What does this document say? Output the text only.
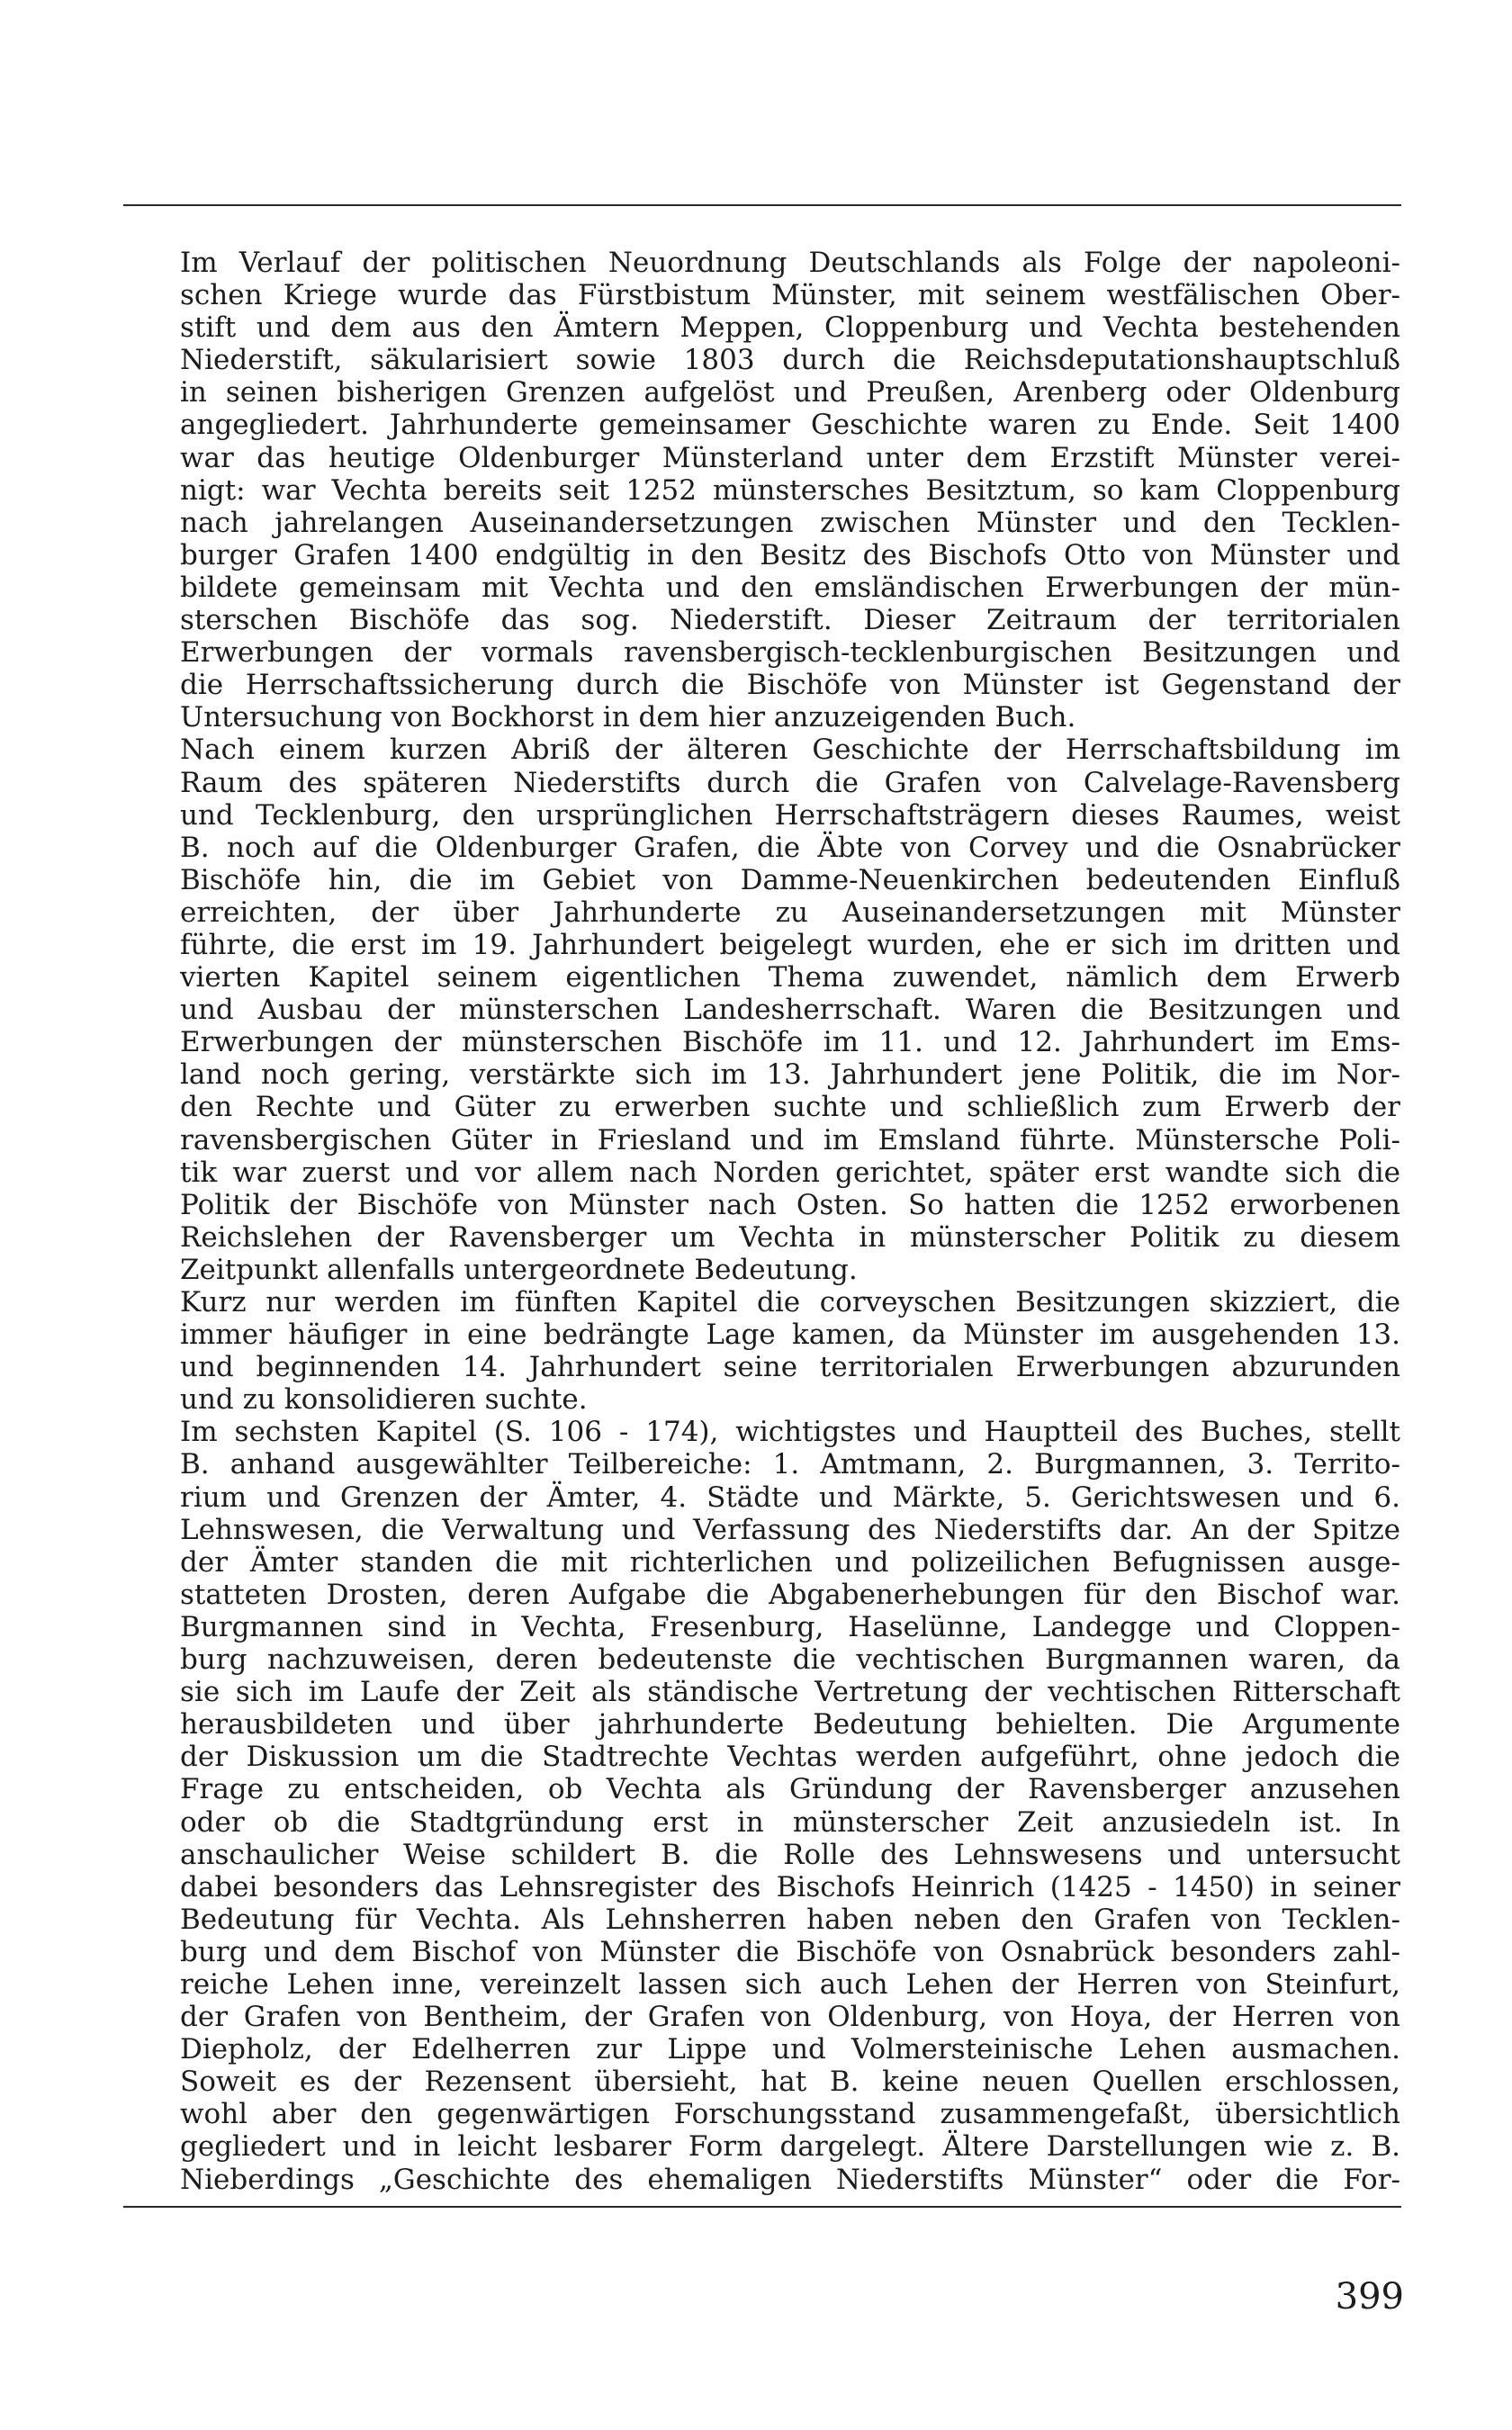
Im Verlauf der politischen Neuordnung Deutschlands als Folge der napoleoni-
schen Kriege wurde das Fürstbistum Münster, mit seinem westfälischen Ober-
stift und dem aus den Ämtern Meppen, Cloppenburg und Vechta bestehenden
Niederstift, säkularisiert sowie 1803 durch die Reichsdeputationshauptschluß
in seinen bisherigen Grenzen aufgelöst und Preußen, Arenberg oder Oldenburg
angegliedert. Jahrhunderte gemeinsamer Geschichte waren zu Ende. Seit 1400
war das heutige Oldenburger Münsterland unter dem Erzstift Münster verei-
nigt: war Vechta bereits seit 1252 münstersches Besitztum, so kam Cloppenburg
nach jahrelangen Auseinandersetzungen zwischen Münster und den Tecklen-
burger Grafen 1400 endgültig in den Besitz des Bischofs Otto von Münster und
bildete gemeinsam mit Vechta und den emsländischen Erwerbungen der mün-
sterschen Bischöfe das sog. Niederstift. Dieser Zeitraum der territorialen
Erwerbungen der vormals ravensbergisch-tecklenburgischen Besitzungen und
die Herrschaftssicherung durch die Bischöfe von Münster ist Gegenstand der
Untersuchung von Bockhorst in dem hier anzuzeigenden Buch.
Nach einem kurzen Abriß der älteren Geschichte der Herrschaftsbildung im
Raum des späteren Niederstifts durch die Grafen von Calvelage-Ravensberg
und Tecklenburg, den ursprünglichen Herrschaftsträgern dieses Raumes, weist
B. noch auf die Oldenburger Grafen, die Äbte von Corvey und die Osnabrücker
Bischöfe hin, die im Gebiet von Damme-Neuenkirchen bedeutenden Einfluß
erreichten, der über Jahrhunderte zu Auseinandersetzungen mit Münster
führte, die erst im 19. Jahrhundert beigelegt wurden, ehe er sich im dritten und
vierten Kapitel seinem eigentlichen Thema zuwendet, nämlich dem Erwerb
und Ausbau der münsterschen Landesherrschaft. Waren die Besitzungen und
Erwerbungen der münsterschen Bischöfe im 11. und 12. Jahrhundert im Ems-
land noch gering, verstärkte sich im 13. Jahrhundert jene Politik, die im Nor-
den Rechte und Güter zu erwerben suchte und schließlich zum Erwerb der
ravensbergischen Güter in Friesland und im Emsland führte. Münstersche Poli-
tik war zuerst und vor allem nach Norden gerichtet, später erst wandte sich die
Politik der Bischöfe von Münster nach Osten. So hatten die 1252 erworbenen
Reichslehen der Ravensberger um Vechta in münsterscher Politik zu diesem
Zeitpunkt allenfalls untergeordnete Bedeutung.
Kurz nur werden im fünften Kapitel die corveyschen Besitzungen skizziert, die
immer häufiger in eine bedrängte Lage kamen, da Münster im ausgehenden 13.
und beginnenden 14. Jahrhundert seine territorialen Erwerbungen abzurunden
und zu konsolidieren suchte.
Im sechsten Kapitel (S. 106 - 174), wichtigstes und Hauptteil des Buches, stellt
B. anhand ausgewählter Teilbereiche: 1. Amtmann, 2. Burgmannen, 3. Territo-
rium und Grenzen der Ämter, 4. Städte und Märkte, 5. Gerichtswesen und 6.
Lehnswesen, die Verwaltung und Verfassung des Niederstifts dar. An der Spitze
der Ämter standen die mit richterlichen und polizeilichen Befugnissen ausge-
statteten Drosten, deren Aufgabe die Abgabenerhebungen für den Bischof war.
Burgmannen sind in Vechta, Fresenburg, Haselünne, Landegge und Cloppen-
burg nachzuweisen, deren bedeutenste die vechtischen Burgmannen waren, da
sie sich im Laufe der Zeit als ständische Vertretung der vechtischen Ritterschaft
herausbildeten und über jahrhunderte Bedeutung behielten. Die Argumente
der Diskussion um die Stadtrechte Vechtas werden aufgeführt, ohne jedoch die
Frage zu entscheiden, ob Vechta als Gründung der Ravensberger anzusehen
oder ob die Stadtgründung erst in münsterscher Zeit anzusiedeln ist. In
anschaulicher Weise schildert B. die Rolle des Lehnswesens und untersucht
dabei besonders das Lehnsregister des Bischofs Heinrich (1425 - 1450) in seiner
Bedeutung für Vechta. Als Lehnsherren haben neben den Grafen von Tecklen-
burg und dem Bischof von Münster die Bischöfe von Osnabrück besonders zahl-
reiche Lehen inne, vereinzelt lassen sich auch Lehen der Herren von Steinfurt,
der Grafen von Bentheim, der Grafen von Oldenburg, von Hoya, der Herren von
Diepholz, der Edelherren zur Lippe und Volmersteinische Lehen ausmachen.
Soweit es der Rezensent übersieht, hat B. keine neuen Quellen erschlossen,
wohl aber den gegenwärtigen Forschungsstand zusammengefaßt, übersichtlich
gegliedert und in leicht lesbarer Form dargelegt. Ältere Darstellungen wie z. B.
Nieberdings „Geschichte des ehemaligen Niederstifts Münster“ oder die For-
399
